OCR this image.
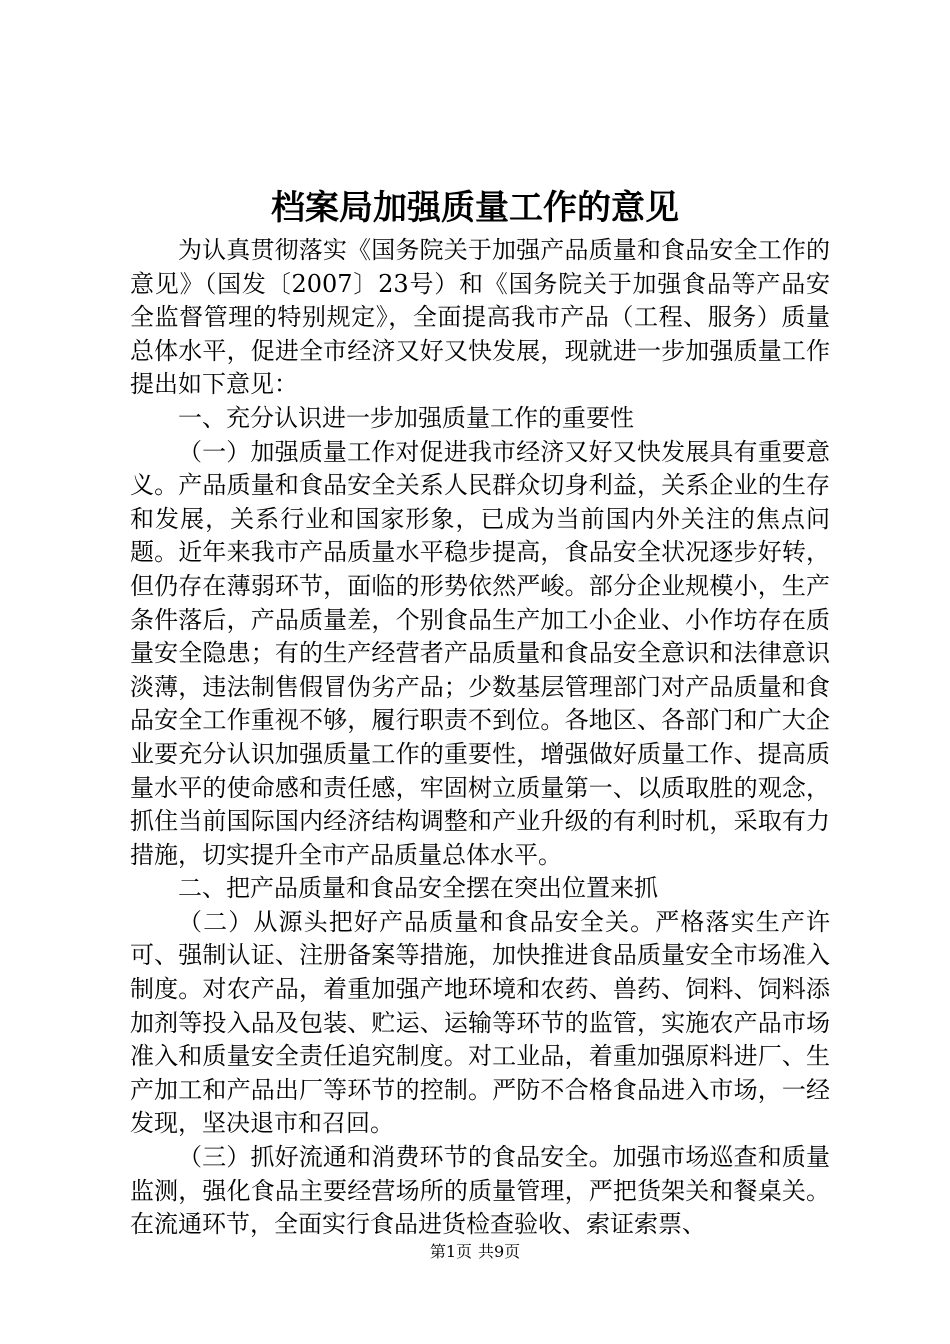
档案局加强质量工作的意见

为认真贯彻落实《国务院关于加强产品质量和食品安全工作的意见》（国发〔2007〕23号）和《国务院关于加强食品等产品安全监督管理的特别规定》，全面提高我市产品（工程、服务）质量总体水平，促进全市经济又好又快发展，现就进一步加强质量工作提出如下意见：

一、充分认识进一步加强质量工作的重要性

（一）加强质量工作对促进我市经济又好又快发展具有重要意义。产品质量和食品安全关系人民群众切身利益，关系企业的生存和发展，关系行业和国家形象，已成为当前国内外关注的焦点问题。近年来我市产品质量水平稳步提高，食品安全状况逐步好转，但仍存在薄弱环节，面临的形势依然严峻。部分企业规模小，生产条件落后，产品质量差，个别食品生产加工小企业、小作坊存在质量安全隐患；有的生产经营者产品质量和食品安全意识和法律意识淡薄，违法制售假冒伪劣产品；少数基层管理部门对产品质量和食品安全工作重视不够，履行职责不到位。各地区、各部门和广大企业要充分认识加强质量工作的重要性，增强做好质量工作、提高质量水平的使命感和责任感，牢固树立质量第一、以质取胜的观念，抓住当前国际国内经济结构调整和产业升级的有利时机，采取有力措施，切实提升全市产品质量总体水平。

二、把产品质量和食品安全摆在突出位置来抓

（二）从源头把好产品质量和食品安全关。严格落实生产许可、强制认证、注册备案等措施，加快推进食品质量安全市场准入制度。对农产品，着重加强产地环境和农药、兽药、饲料、饲料添加剂等投入品及包装、贮运、运输等环节的监管，实施农产品市场准入和质量安全责任追究制度。对工业品，着重加强原料进厂、生产加工和产品出厂等环节的控制。严防不合格食品进入市场，一经发现，坚决退市和召回。

（三）抓好流通和消费环节的食品安全。加强市场巡查和质量监测，强化食品主要经营场所的质量管理，严把货架关和餐桌关。在流通环节，全面实行食品进货检查验收、索证索票、

第1页 共9页
